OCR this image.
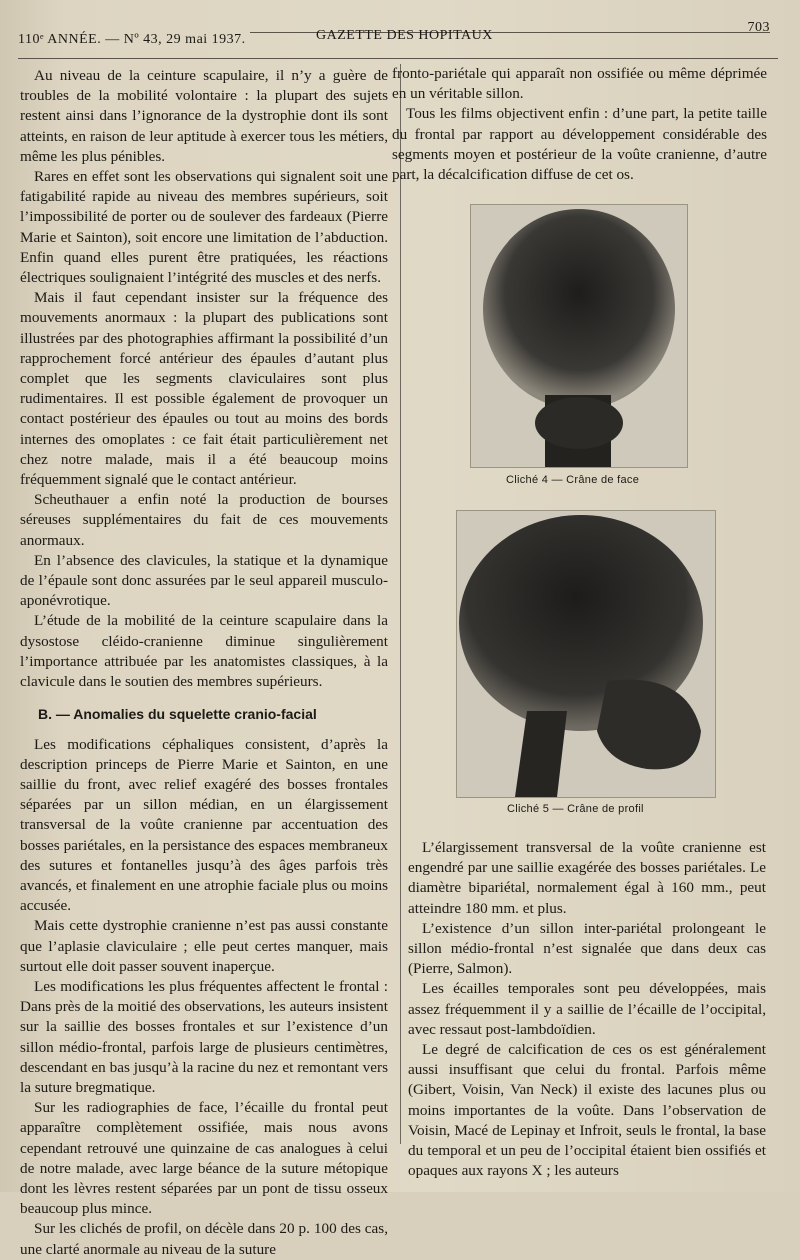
110ᵉ ANNÉE. — Nº 43, 29 mai 1937.	GAZETTE DES HOPITAUX
703

Au niveau de la ceinture scapulaire, il n’y a guère de troubles de la mobilité volontaire : la plupart des sujets restent ainsi dans l’ignorance de la dystrophie dont ils sont atteints, en raison de leur aptitude à exercer tous les métiers, même les plus pénibles.

Rares en effet sont les observations qui signalent soit une fatigabilité rapide au niveau des membres supérieurs, soit l’impossibilité de porter ou de soulever des fardeaux (Pierre Marie et Sainton), soit encore une limitation de l’abduction. Enfin quand elles purent être pratiquées, les réactions électriques soulignaient l’intégrité des muscles et des nerfs.

Mais il faut cependant insister sur la fréquence des mouvements anormaux : la plupart des publications sont illustrées par des photographies affirmant la possibilité d’un rapprochement forcé antérieur des épaules d’autant plus complet que les segments claviculaires sont plus rudimentaires. Il est possible également de provoquer un contact postérieur des épaules ou tout au moins des bords internes des omoplates : ce fait était particulièrement net chez notre malade, mais il a été beaucoup moins fréquemment signalé que le contact antérieur.

Scheuthauer a enfin noté la production de bourses séreuses supplémentaires du fait de ces mouvements anormaux.

En l’absence des clavicules, la statique et la dynamique de l’épaule sont donc assurées par le seul appareil musculo-aponévrotique.

L’étude de la mobilité de la ceinture scapulaire dans la dysostose cléido-cranienne diminue singulièrement l’importance attribuée par les anatomistes classiques, à la clavicule dans le soutien des membres supérieurs.

B. — Anomalies du squelette cranio-facial

Les modifications céphaliques consistent, d’après la description princeps de Pierre Marie et Sainton, en une saillie du front, avec relief exagéré des bosses frontales séparées par un sillon médian, en un élargissement transversal de la voûte cranienne par accentuation des bosses pariétales, en la persistance des espaces membraneux des sutures et fontanelles jusqu’à des âges parfois très avancés, et finalement en une atrophie faciale plus ou moins accusée.

Mais cette dystrophie cranienne n’est pas aussi constante que l’aplasie claviculaire ; elle peut certes manquer, mais surtout elle doit passer souvent inaperçue.

Les modifications les plus fréquentes affectent le frontal : Dans près de la moitié des observations, les auteurs insistent sur la saillie des bosses frontales et sur l’existence d’un sillon médio-frontal, parfois large de plusieurs centimètres, descendant en bas jusqu’à la racine du nez et remontant vers la suture bregmatique.

Sur les radiographies de face, l’écaille du frontal peut apparaître complètement ossifiée, mais nous avons cependant retrouvé une quinzaine de cas analogues à celui de notre malade, avec large béance de la suture métopique dont les lèvres restent séparées par un pont de tissu osseux beaucoup plus mince.

Sur les clichés de profil, on décèle dans 20 p. 100 des cas, une clarté anormale au niveau de la suture

fronto-pariétale qui apparaît non ossifiée ou même déprimée en un véritable sillon.

Tous les films objectivent enfin : d’une part, la petite taille du frontal par rapport au développement considérable des segments moyen et postérieur de la voûte cranienne, d’autre part, la décalcification diffuse de cet os.

Cliché 4 — Crâne de face
Cliché 5 — Crâne de profil

L’élargissement transversal de la voûte cranienne est engendré par une saillie exagérée des bosses pariétales. Le diamètre bipariétal, normalement égal à 160 mm., peut atteindre 180 mm. et plus.

L’existence d’un sillon inter-pariétal prolongeant le sillon médio-frontal n’est signalée que dans deux cas (Pierre, Salmon).

Les écailles temporales sont peu développées, mais assez fréquemment il y a saillie de l’écaille de l’occipital, avec ressaut post-lambdoïdien.

Le degré de calcification de ces os est généralement aussi insuffisant que celui du frontal. Parfois même (Gibert, Voisin, Van Neck) il existe des lacunes plus ou moins importantes de la voûte. Dans l’observation de Voisin, Macé de Lepinay et Infroit, seuls le frontal, la base du temporal et un peu de l’occipital étaient bien ossifiés et opaques aux rayons X ; les auteurs
